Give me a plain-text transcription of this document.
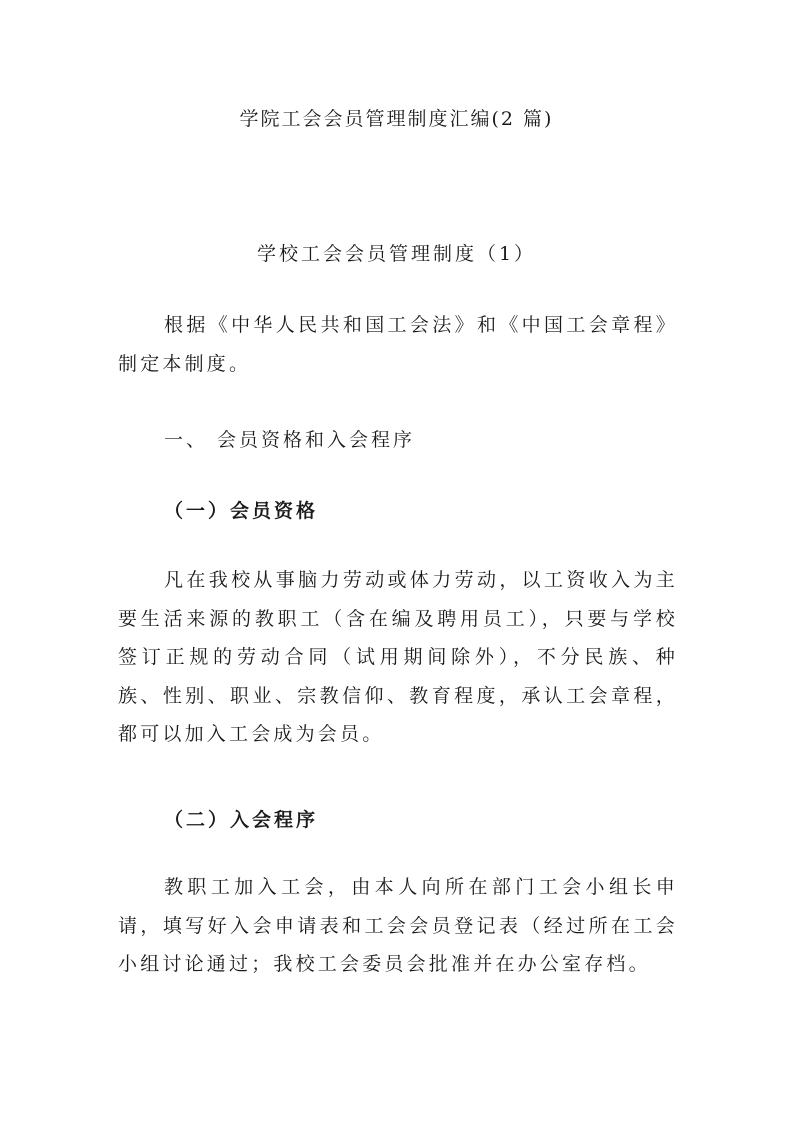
学院工会会员管理制度汇编(2 篇)
学校工会会员管理制度（1）
根据《中华人民共和国工会法》和《中国工会章程》制定本制度。
一、 会员资格和入会程序
（一）会员资格
凡在我校从事脑力劳动或体力劳动，以工资收入为主要生活来源的教职工（含在编及聘用员工），只要与学校签订正规的劳动合同（试用期间除外），不分民族、种族、性别、职业、宗教信仰、教育程度，承认工会章程，都可以加入工会成为会员。
（二）入会程序
教职工加入工会，由本人向所在部门工会小组长申请，填写好入会申请表和工会会员登记表（经过所在工会小组讨论通过；我校工会委员会批准并在办公室存档。
